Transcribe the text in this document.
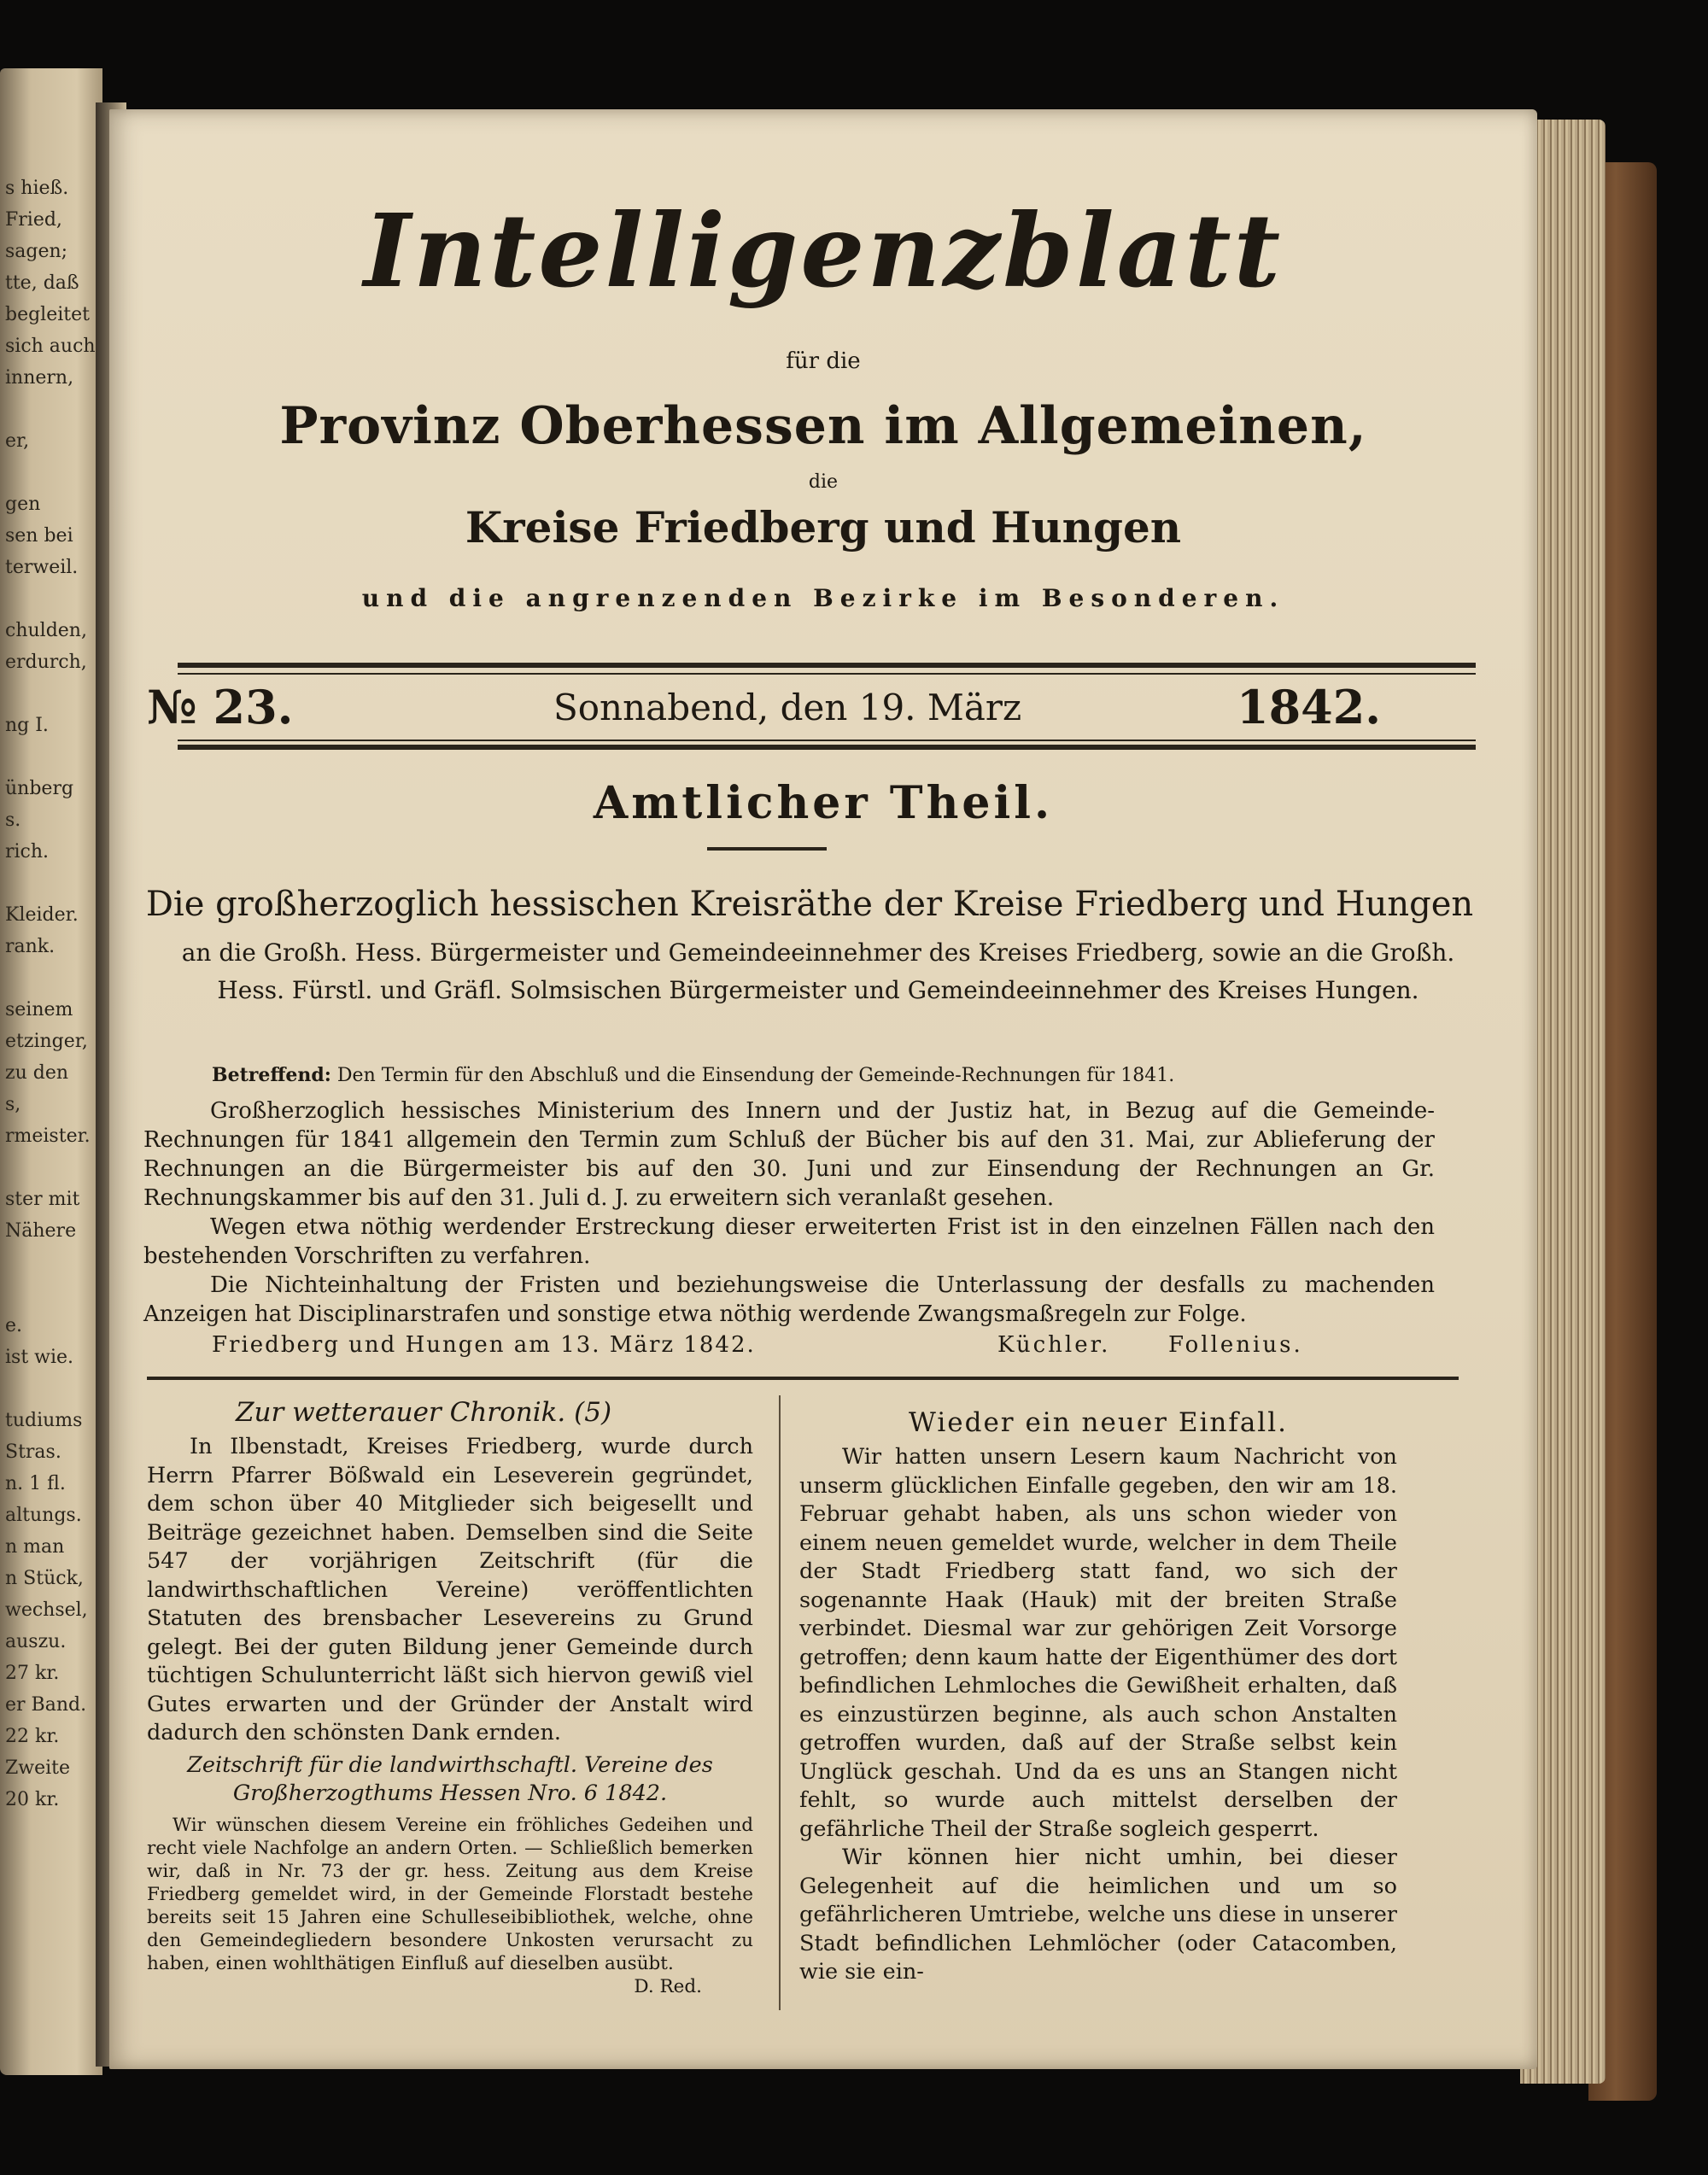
s hieß.
Fried,
sagen;
tte, daß
begleitet
sich auch
innern,
er,
gen
sen bei
terweil.
chulden,
erdurch,
ng I.
ünberg
s.
rich.
Kleider.
rank.
seinem
etzinger,
zu den
s,
rmeister.
ster mit
Nähere
e.
ist wie.
tudiums
Stras.
n. 1 fl.
altungs.
n man
n Stück,
wechsel,
auszu.
27 kr.
er Band.
22 kr.
Zweite
20 kr.
Intelligenzblatt
für die
Provinz Oberhessen im Allgemeinen,
die
Kreise Friedberg und Hungen
und die angrenzenden Bezirke im Besonderen.
№ 23.	Sonnabend, den 19. März	1842.
Amtlicher Theil.
Die großherzoglich hessischen Kreisräthe der Kreise Friedberg und Hungen
an die Großh. Hess. Bürgermeister und Gemeindeeinnehmer des Kreises Friedberg, sowie an die Großh. Hess. Fürstl. und Gräfl. Solmsischen Bürgermeister und Gemeindeeinnehmer des Kreises Hungen.
Betreffend: Den Termin für den Abschluß und die Einsendung der Gemeinde-Rechnungen für 1841.

Großherzoglich hessisches Ministerium des Innern und der Justiz hat, in Bezug auf die Gemeinde-Rechnungen für 1841 allgemein den Termin zum Schluß der Bücher bis auf den 31. Mai, zur Ablieferung der Rechnungen an die Bürgermeister bis auf den 30. Juni und zur Einsendung der Rechnungen an Gr. Rechnungskammer bis auf den 31. Juli d. J. zu erweitern sich veranlaßt gesehen.

Wegen etwa nöthig werdender Erstreckung dieser erweiterten Frist ist in den einzelnen Fällen nach den bestehenden Vorschriften zu verfahren.

Die Nichteinhaltung der Fristen und beziehungsweise die Unterlassung der desfalls zu machenden Anzeigen hat Disciplinarstrafen und sonstige etwa nöthig werdende Zwangsmaßregeln zur Folge.

Friedberg und Hungen am 13. März 1842.	Küchler.	Follenius.
Zur wetterauer Chronik. (5)

In Ilbenstadt, Kreises Friedberg, wurde durch Herrn Pfarrer Bößwald ein Leseverein gegründet, dem schon über 40 Mitglieder sich beigesellt und Beiträge gezeichnet haben. Demselben sind die Seite 547 der vorjährigen Zeitschrift (für die landwirthschaftlichen Vereine) veröffentlichten Statuten des brensbacher Lesevereins zu Grund gelegt. Bei der guten Bildung jener Gemeinde durch tüchtigen Schulunterricht läßt sich hiervon gewiß viel Gutes erwarten und der Gründer der Anstalt wird dadurch den schönsten Dank ernden.

Zeitschrift für die landwirthschaftl. Vereine des Großherzogthums Hessen Nro. 6 1842.

Wir wünschen diesem Vereine ein fröhliches Gedeihen und recht viele Nachfolge an andern Orten. — Schließlich bemerken wir, daß in Nr. 73 der gr. hess. Zeitung aus dem Kreise Friedberg gemeldet wird, in der Gemeinde Florstadt bestehe bereits seit 15 Jahren eine Schulleseibibliothek, welche, ohne den Gemeindegliedern besondere Unkosten verursacht zu haben, einen wohlthätigen Einfluß auf dieselben ausübt.

D. Red.
Wieder ein neuer Einfall.

Wir hatten unsern Lesern kaum Nachricht von unserm glücklichen Einfalle gegeben, den wir am 18. Februar gehabt haben, als uns schon wieder von einem neuen gemeldet wurde, welcher in dem Theile der Stadt Friedberg statt fand, wo sich der sogenannte Haak (Hauk) mit der breiten Straße verbindet. Diesmal war zur gehörigen Zeit Vorsorge getroffen; denn kaum hatte der Eigenthümer des dort befindlichen Lehmloches die Gewißheit erhalten, daß es einzustürzen beginne, als auch schon Anstalten getroffen wurden, daß auf der Straße selbst kein Unglück geschah. Und da es uns an Stangen nicht fehlt, so wurde auch mittelst derselben der gefährliche Theil der Straße sogleich gesperrt.

Wir können hier nicht umhin, bei dieser Gelegenheit auf die heimlichen und um so gefährlicheren Umtriebe, welche uns diese in unserer Stadt befindlichen Lehmlöcher (oder Catacomben, wie sie ein-
